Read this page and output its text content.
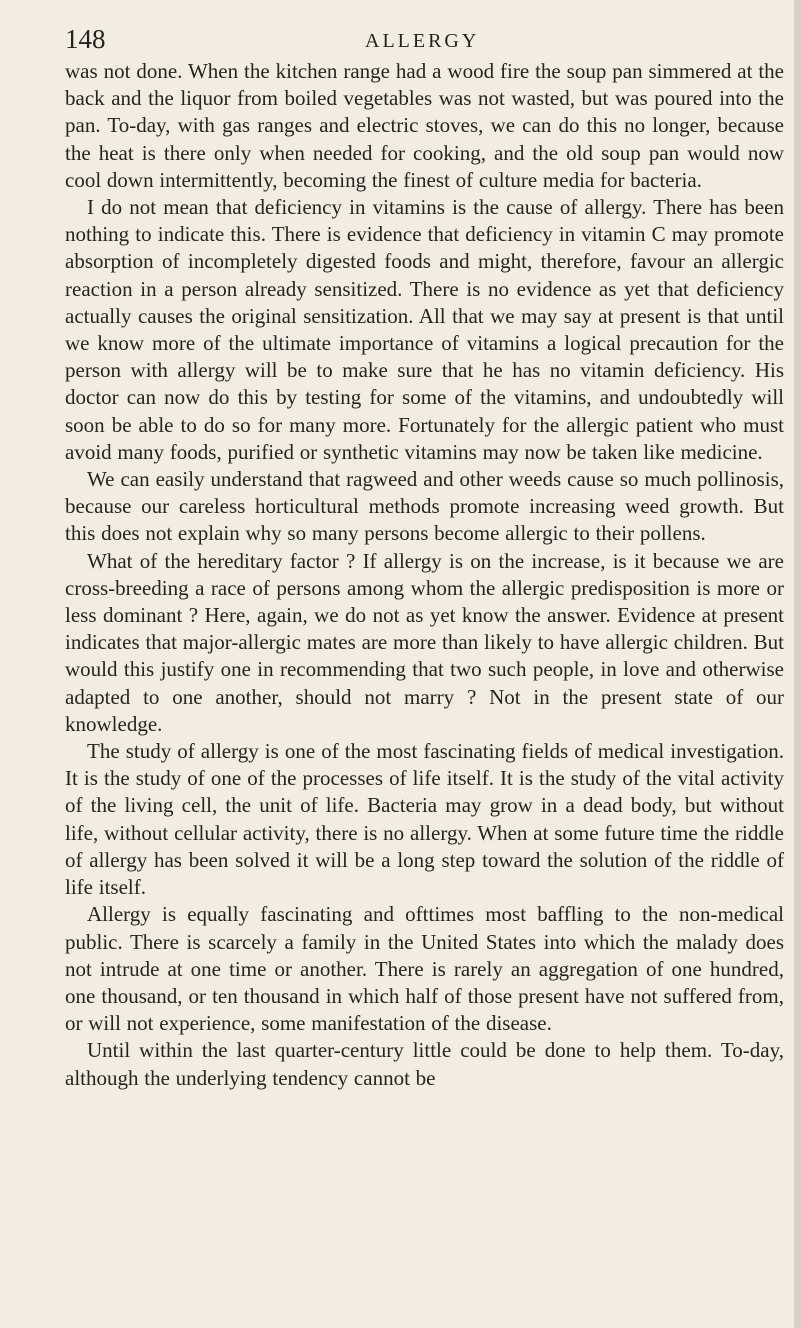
148	ALLERGY

was not done. When the kitchen range had a wood fire the soup pan simmered at the back and the liquor from boiled vegetables was not wasted, but was poured into the pan. To-day, with gas ranges and electric stoves, we can do this no longer, because the heat is there only when needed for cooking, and the old soup pan would now cool down intermittently, becoming the finest of culture media for bacteria.

I do not mean that deficiency in vitamins is the cause of allergy. There has been nothing to indicate this. There is evidence that deficiency in vitamin C may promote absorption of incompletely digested foods and might, therefore, favour an allergic reaction in a person already sensitized. There is no evidence as yet that deficiency actually causes the original sensitization. All that we may say at present is that until we know more of the ultimate importance of vitamins a logical precaution for the person with allergy will be to make sure that he has no vitamin deficiency. His doctor can now do this by testing for some of the vitamins, and undoubtedly will soon be able to do so for many more. Fortunately for the allergic patient who must avoid many foods, purified or synthetic vitamins may now be taken like medicine.

We can easily understand that ragweed and other weeds cause so much pollinosis, because our careless horticultural methods promote increasing weed growth. But this does not explain why so many persons become allergic to their pollens.

What of the hereditary factor ? If allergy is on the increase, is it because we are cross-breeding a race of persons among whom the allergic predisposition is more or less dominant ? Here, again, we do not as yet know the answer. Evidence at present indicates that major-allergic mates are more than likely to have allergic children. But would this justify one in recommending that two such people, in love and otherwise adapted to one another, should not marry ? Not in the present state of our knowledge.

The study of allergy is one of the most fascinating fields of medical investigation. It is the study of one of the processes of life itself. It is the study of the vital activity of the living cell, the unit of life. Bacteria may grow in a dead body, but without life, without cellular activity, there is no allergy. When at some future time the riddle of allergy has been solved it will be a long step toward the solution of the riddle of life itself.

Allergy is equally fascinating and ofttimes most baffling to the non-medical public. There is scarcely a family in the United States into which the malady does not intrude at one time or another. There is rarely an aggregation of one hundred, one thousand, or ten thousand in which half of those present have not suffered from, or will not experience, some manifestation of the disease.

Until within the last quarter-century little could be done to help them. To-day, although the underlying tendency cannot be
